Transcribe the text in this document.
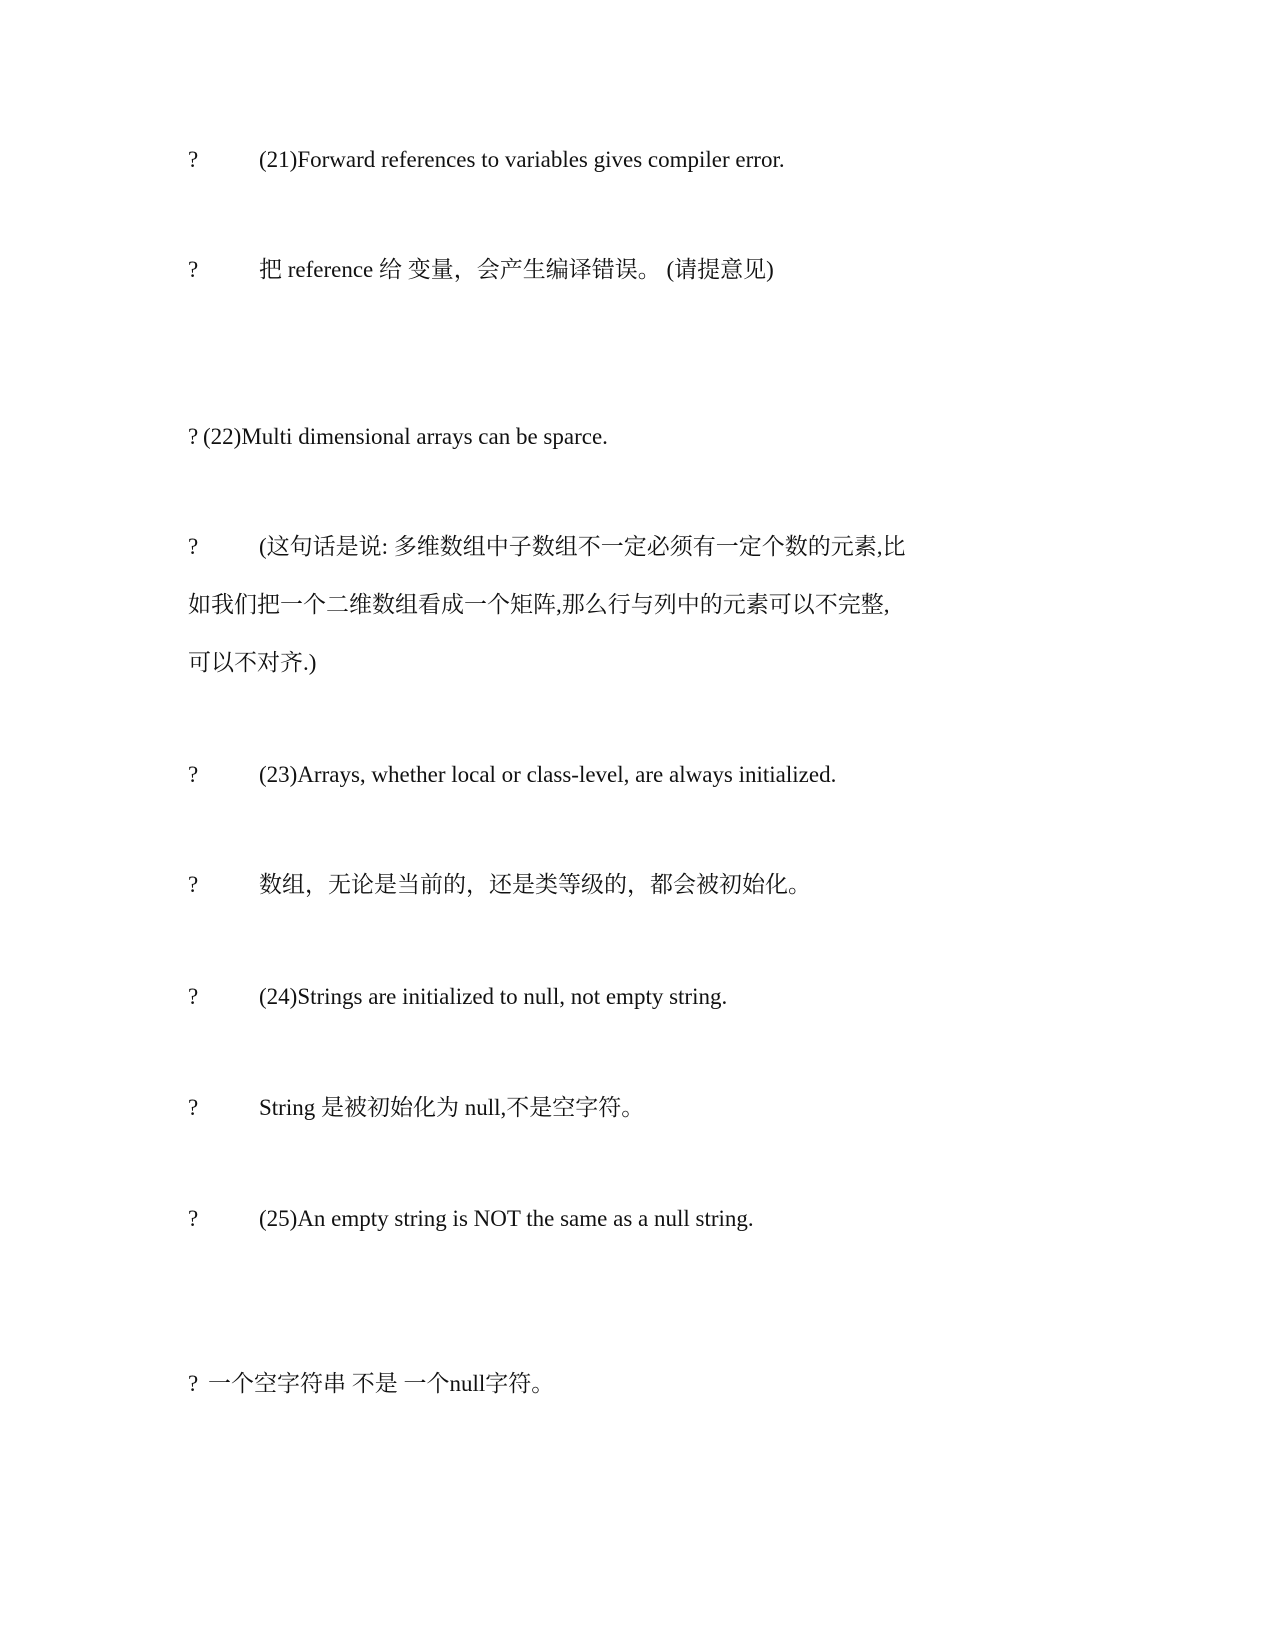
?	(21)Forward references to variables gives compiler error.
?	把 reference 给 变量，会产生编译错误。 (请提意见)
? (22)Multi dimensional arrays can be sparce.
?	(这句话是说: 多维数组中子数组不一定必须有一定个数的元素,比
如我们把一个二维数组看成一个矩阵,那么行与列中的元素可以不完整,
可以不对齐.)
?	(23)Arrays, whether local or class-level, are always initialized.
?	数组，无论是当前的，还是类等级的，都会被初始化。
?	(24)Strings are initialized to null, not empty string.
?	String 是被初始化为 null,不是空字符。
?	(25)An empty string is NOT the same as a null string.
? 一个空字符串 不是 一个null字符。
